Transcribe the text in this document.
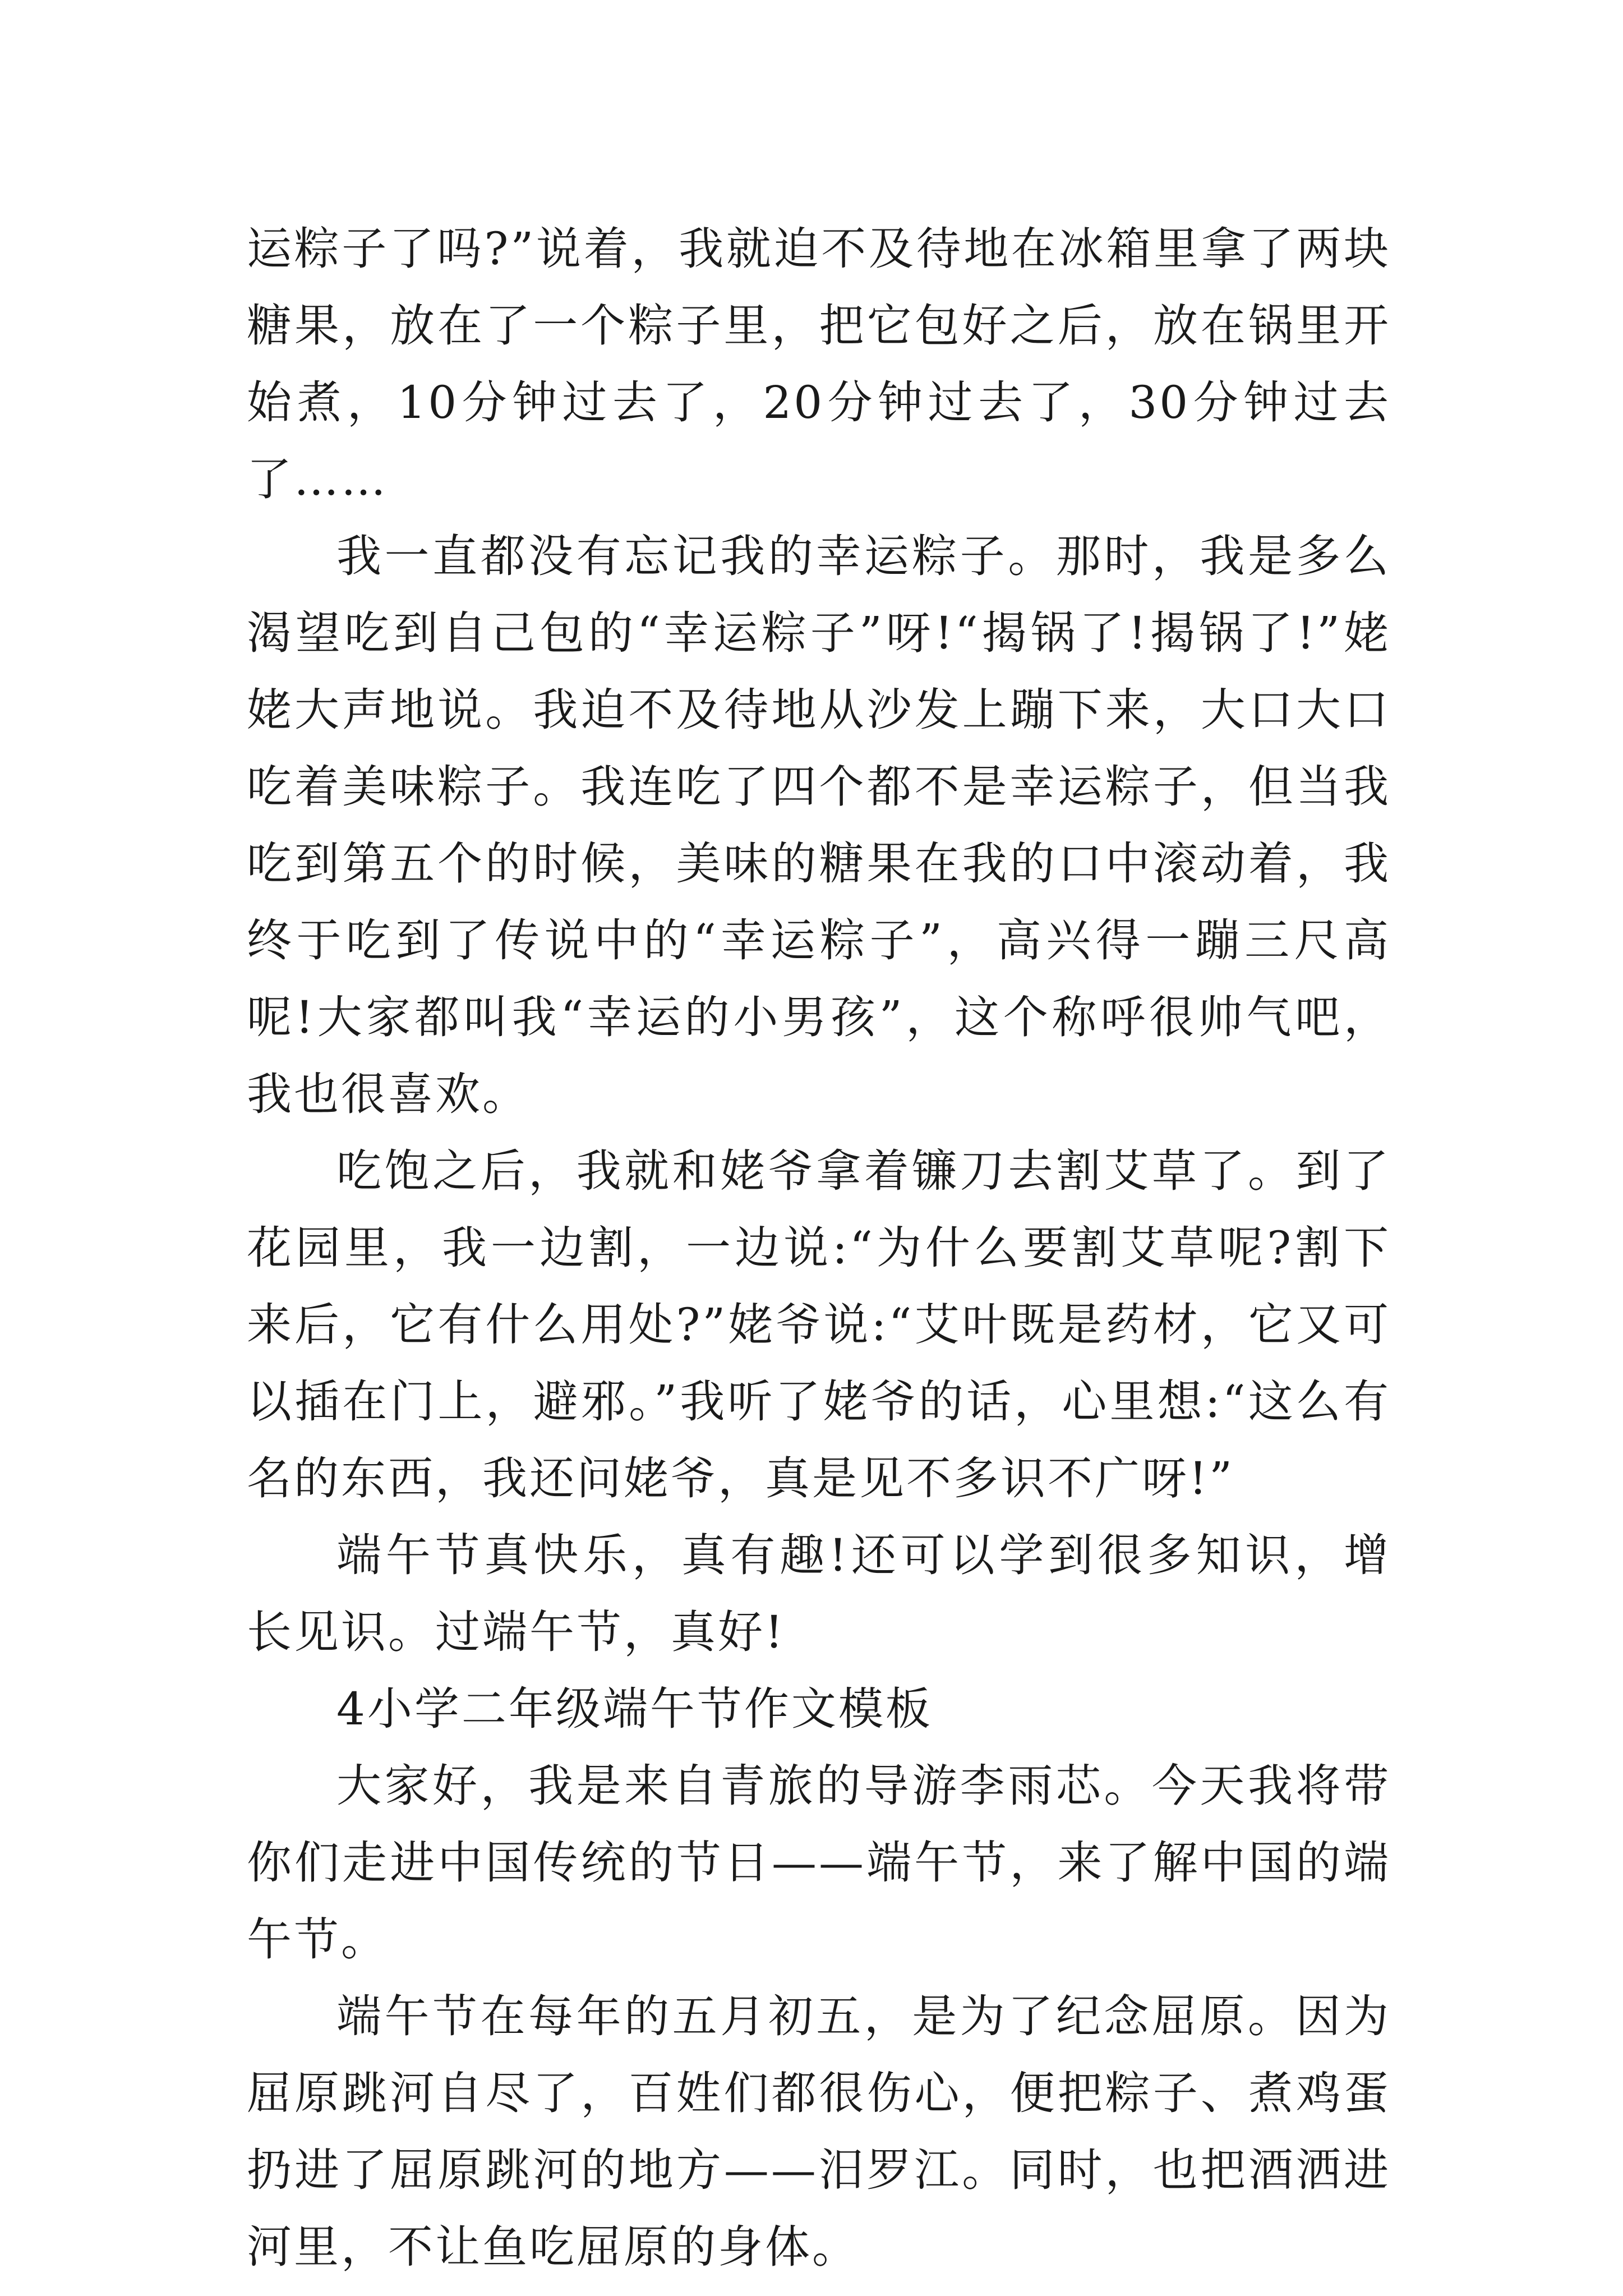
运粽子了吗?”说着，我就迫不及待地在冰箱里拿了两块糖果，放在了一个粽子里，把它包好之后，放在锅里开始煮，10分钟过去了，20分钟过去了，30分钟过去了……

我一直都没有忘记我的幸运粽子。那时，我是多么渴望吃到自己包的“幸运粽子”呀!“揭锅了!揭锅了!”姥姥大声地说。我迫不及待地从沙发上蹦下来，大口大口吃着美味粽子。我连吃了四个都不是幸运粽子，但当我吃到第五个的时候，美味的糖果在我的口中滚动着，我终于吃到了传说中的“幸运粽子”，高兴得一蹦三尺高呢!大家都叫我“幸运的小男孩”，这个称呼很帅气吧，我也很喜欢。

吃饱之后，我就和姥爷拿着镰刀去割艾草了。到了花园里，我一边割，一边说:“为什么要割艾草呢?割下来后，它有什么用处?”姥爷说:“艾叶既是药材，它又可以插在门上，避邪。”我听了姥爷的话，心里想:“这么有名的东西，我还问姥爷，真是见不多识不广呀!”

端午节真快乐，真有趣!还可以学到很多知识，增长见识。过端午节，真好!

4小学二年级端午节作文模板

大家好，我是来自青旅的导游李雨芯。今天我将带你们走进中国传统的节日——端午节，来了解中国的端午节。

端午节在每年的五月初五，是为了纪念屈原。因为屈原跳河自尽了，百姓们都很伤心，便把粽子、煮鸡蛋扔进了屈原跳河的地方——汨罗江。同时，也把酒洒进河里，不让鱼吃屈原的身体。
